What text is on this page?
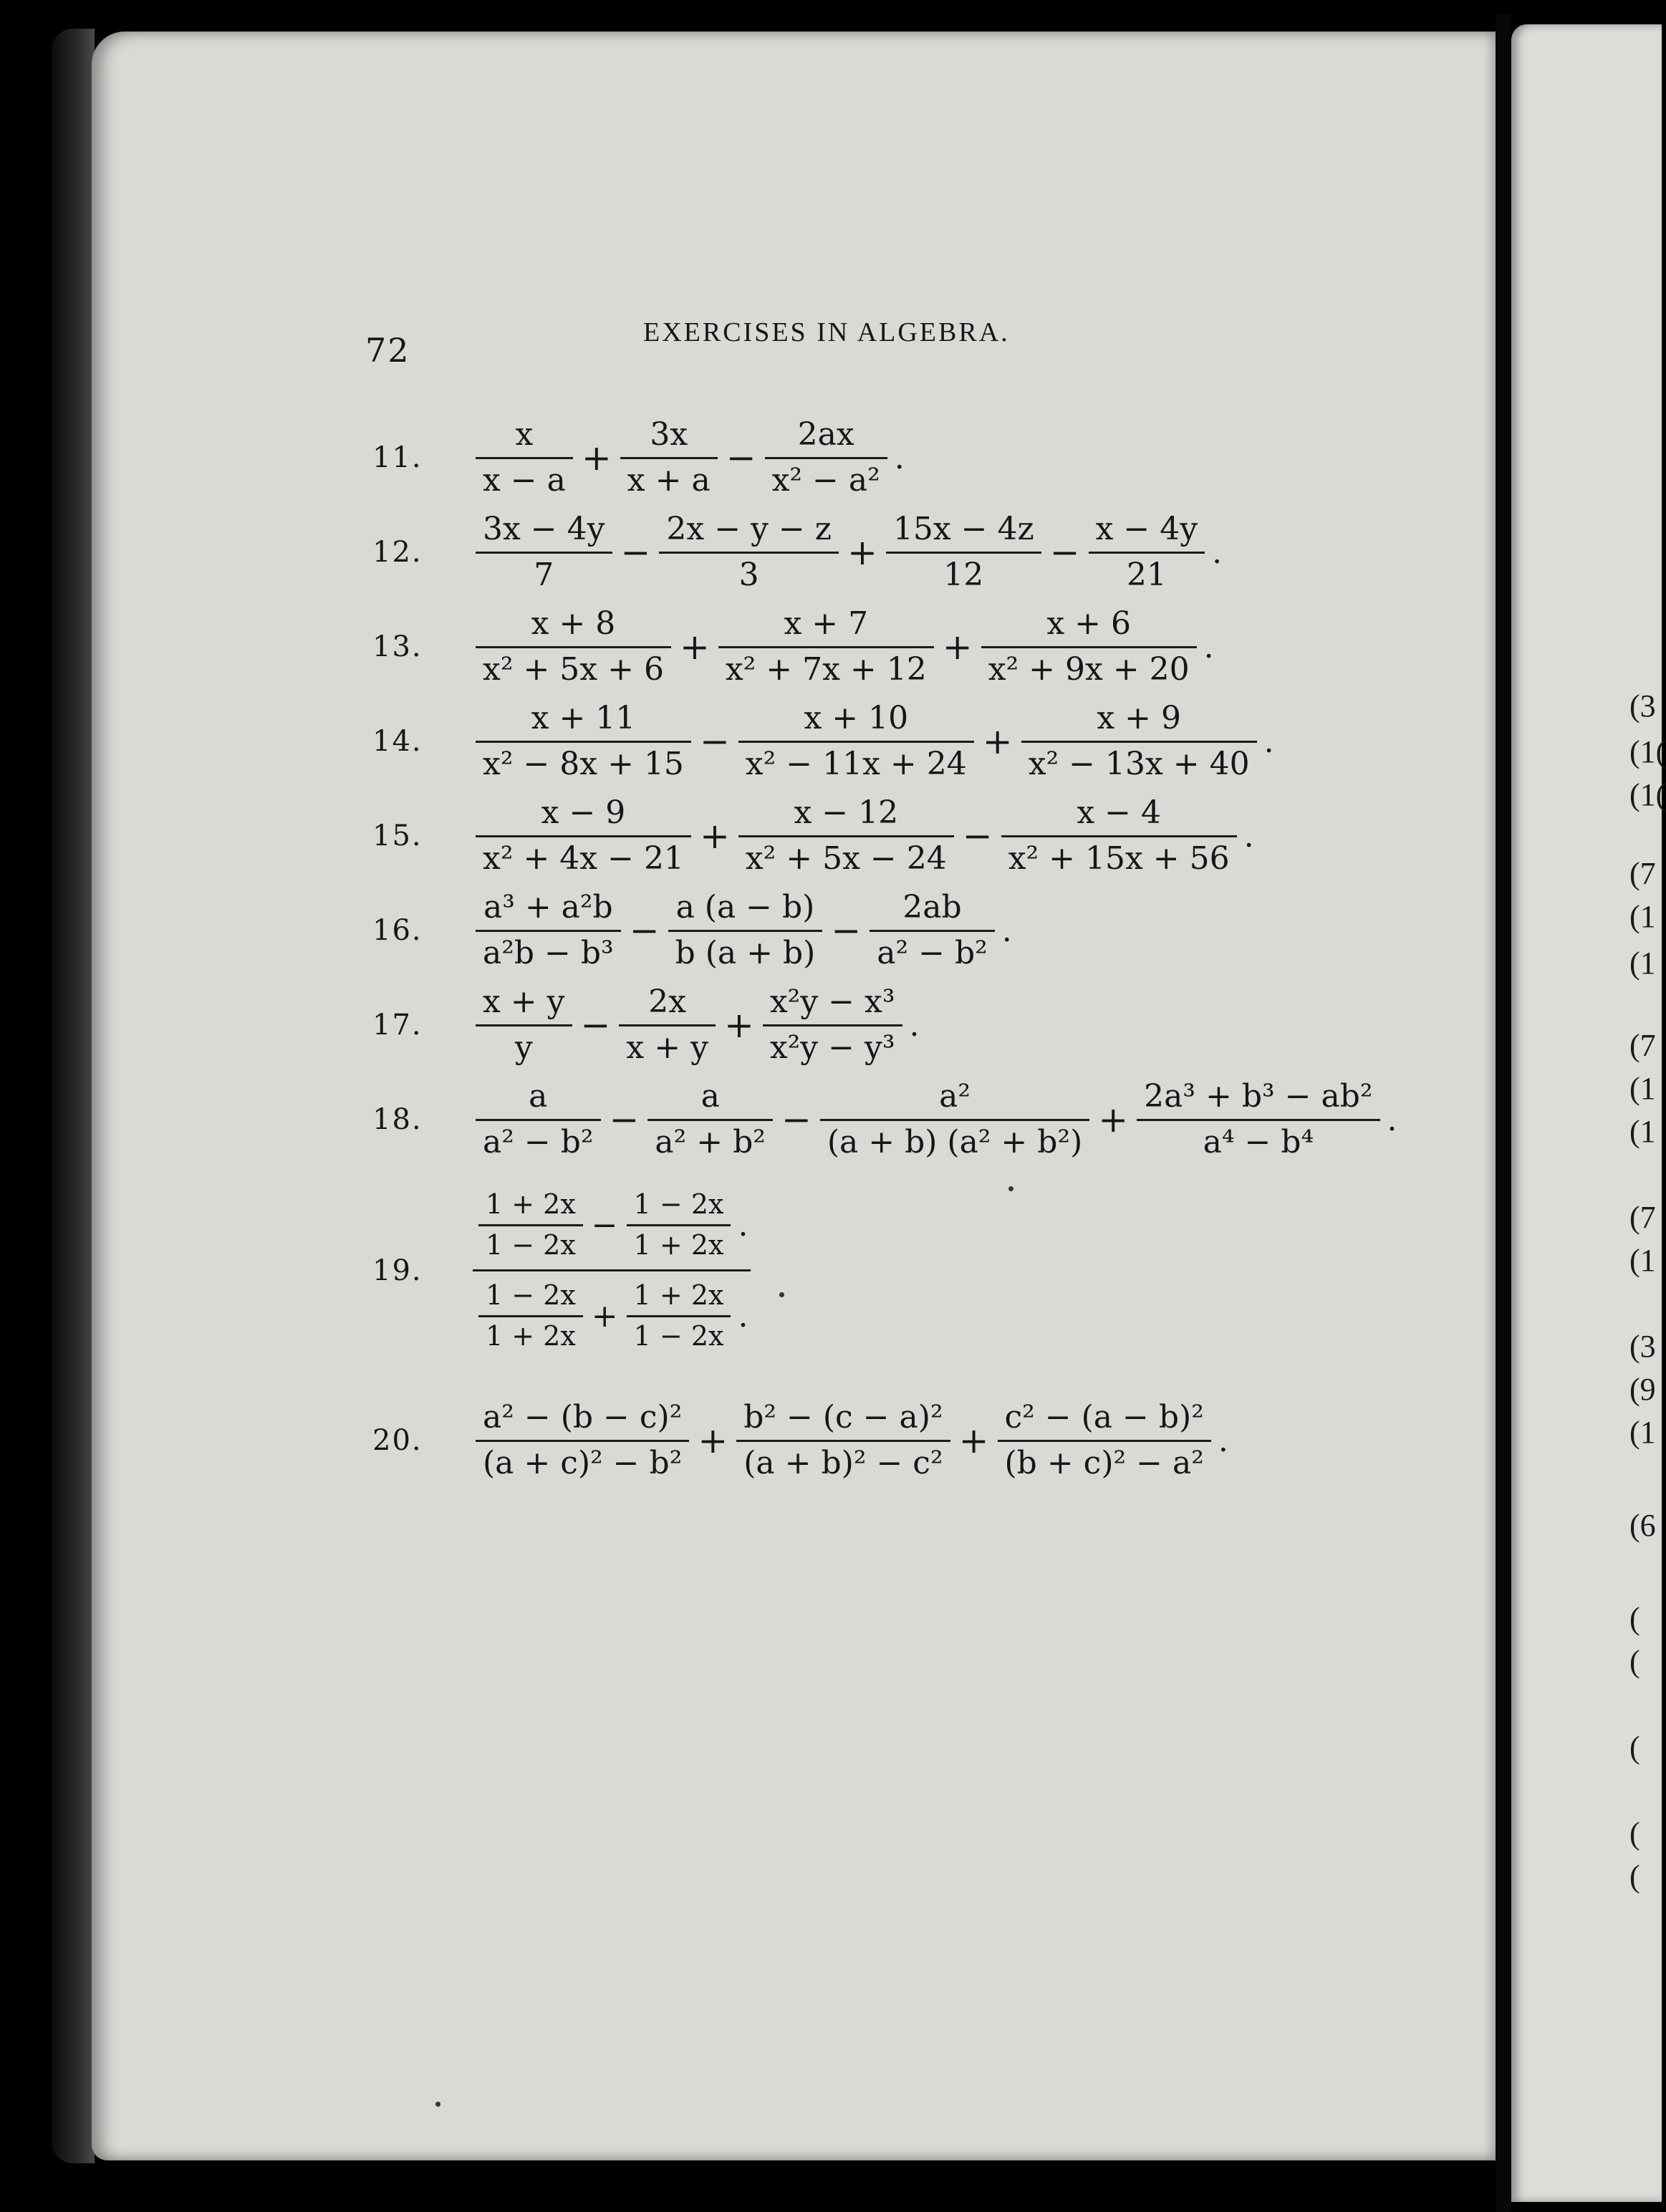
72	EXERCISES IN ALGEBRA.
11.	$\frac{x}{x - a} + \frac{3x}{x + a} - \frac{2ax}{\text{x² − a²}}$ .
12.	$\frac{3x - 4y}{7} - \frac{2x - y - z}{3} + \frac{15x - 4z}{12} - \frac{x - 4y}{21}$ .
13.	$\frac{x + 8}{\text{x² + 5x + 6}} + \frac{x + 7}{\text{x² + 7x + 12}} + \frac{x + 6}{\text{x² + 9x + 20}}$ .
14.	$\frac{x + 11}{\text{x² − 8x + 15}} - \frac{x + 10}{\text{x² − 11x + 24}} + \frac{x + 9}{\text{x² − 13x + 40}}$ .
15.	$\frac{x - 9}{\text{x² + 4x − 21}} + \frac{x - 12}{\text{x² + 5x − 24}} - \frac{x - 4}{\text{x² + 15x + 56}}$ .
16.	$\frac{\text{a³ + a²b}}{\text{a²b − b³}} - \frac{a (a - b)}{b (a + b)} - \frac{2ab}{\text{a² − b²}}$ .
17.	$\frac{x + y}{y} - \frac{2x}{x + y} + \frac{\text{x²y − x³}}{\text{x²y − y³}}$ .
18.	$\frac{a}{\text{a² − b²}} - \frac{a}{\text{a² + b²}} - \frac{\text{a²}}{\text{(a + b) (a² + b²)}} + \frac{\text{2a³ + b³ − ab²}}{\text{a⁴ − b⁴}}$ .
19.	$\frac{\frac{1 + 2x}{1 - 2x} - \frac{1 - 2x}{1 + 2x} .}{\frac{1 - 2x}{1 + 2x} + \frac{1 + 2x}{1 - 2x} .}$
20.	$\frac{\text{a² − (b − c)²}}{\text{(a + c)² − b²}} + \frac{\text{b² − (c − a)²}}{\text{(a + b)² − c²}} + \frac{\text{c² − (a − b)²}}{\text{(b + c)² − a²}}$ .
(3
(1(
(1(
(7
(1
(1
(7
(1
(1
(7
(1
(3
(9
(1
(6
(
(
(
(
(
